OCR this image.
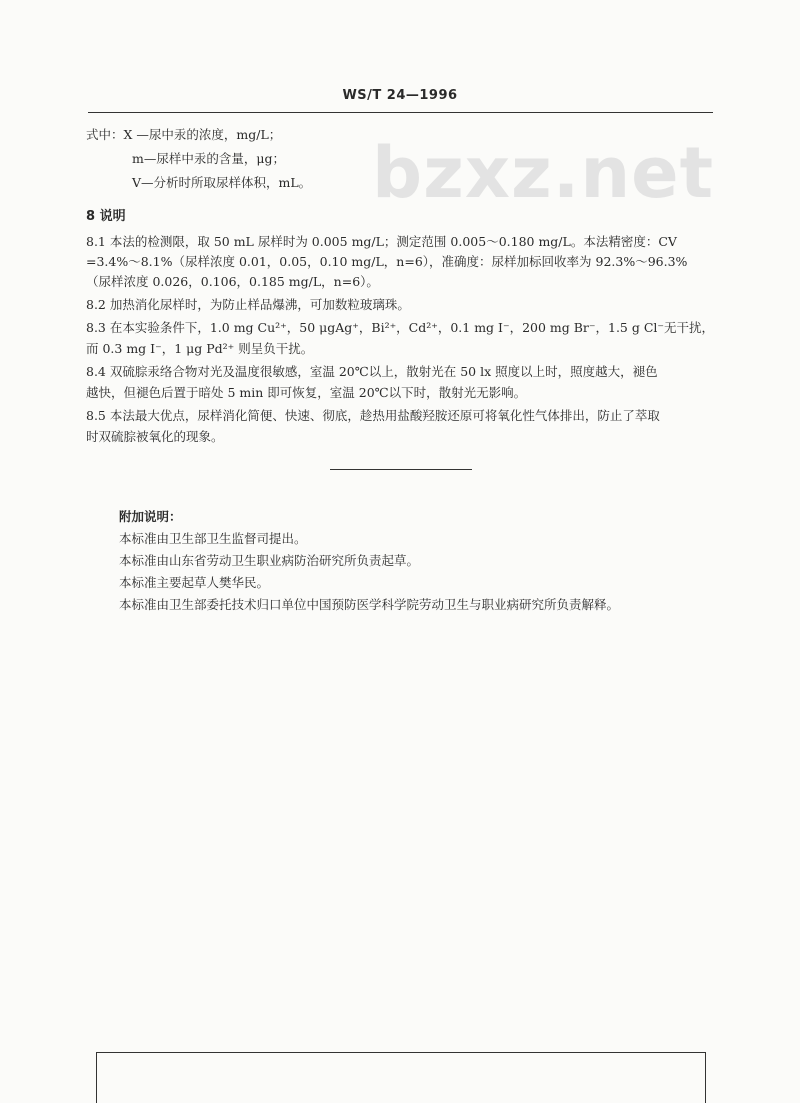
WS/T 24—1996
bzxz.net
式中：X —尿中汞的浓度，mg/L；
m—尿样中汞的含量，μg；
V—分析时所取尿样体积，mL。
8 说明
8.1 本法的检测限，取 50 mL 尿样时为 0.005 mg/L；测定范围 0.005～0.180 mg/L。本法精密度：CV
=3.4%～8.1%（尿样浓度 0.01，0.05，0.10 mg/L，n=6），准确度：尿样加标回收率为 92.3%～96.3%
（尿样浓度 0.026，0.106，0.185 mg/L，n=6）。
8.2 加热消化尿样时，为防止样品爆沸，可加数粒玻璃珠。
8.3 在本实验条件下，1.0 mg Cu²⁺，50 μgAg⁺，Bi²⁺，Cd²⁺，0.1 mg I⁻，200 mg Br⁻，1.5 g Cl⁻无干扰，
而 0.3 mg I⁻，1 μg Pd²⁺ 则呈负干扰。
8.4 双硫腙汞络合物对光及温度很敏感，室温 20℃以上，散射光在 50 lx 照度以上时，照度越大，褪色
越快，但褪色后置于暗处 5 min 即可恢复，室温 20℃以下时，散射光无影响。
8.5 本法最大优点，尿样消化简便、快速、彻底，趁热用盐酸羟胺还原可将氧化性气体排出，防止了萃取
时双硫腙被氧化的现象。
附加说明：
本标准由卫生部卫生监督司提出。
本标准由山东省劳动卫生职业病防治研究所负责起草。
本标准主要起草人樊华民。
本标准由卫生部委托技术归口单位中国预防医学科学院劳动卫生与职业病研究所负责解释。
